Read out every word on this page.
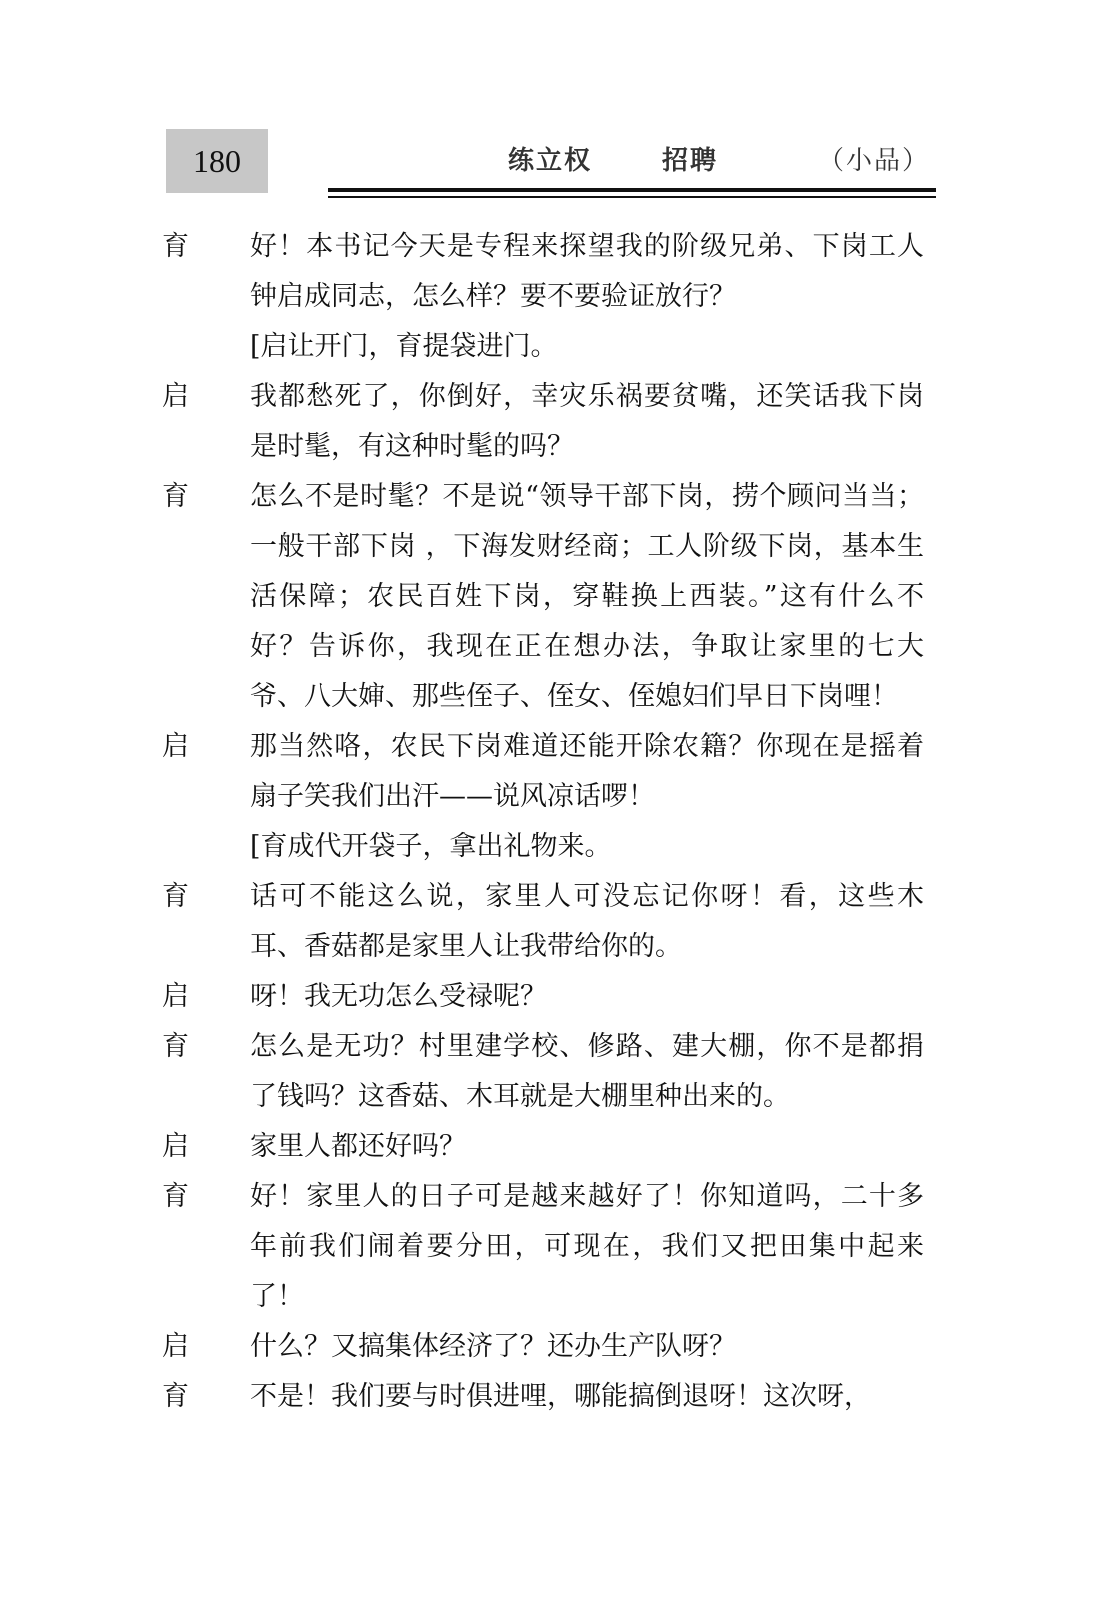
180	练立权	招聘	（小品）
育	好！本书记今天是专程来探望我的阶级兄弟、下岗工人钟启成同志，怎么样？要不要验证放行？
[启让开门，育提袋进门。
启	我都愁死了，你倒好，幸灾乐祸要贫嘴，还笑话我下岗是时髦，有这种时髦的吗？
育	怎么不是时髦？不是说“领导干部下岗，捞个顾问当当；一般干部下岗 ，下海发财经商；工人阶级下岗，基本生活保障；农民百姓下岗，穿鞋换上西装。”这有什么不好？告诉你，我现在正在想办法，争取让家里的七大爷、八大婶、那些侄子、侄女、侄媳妇们早日下岗哩！
启	那当然咯，农民下岗难道还能开除农籍？你现在是摇着扇子笑我们出汗——说风凉话啰！
[育成代开袋子，拿出礼物来。
育	话可不能这么说，家里人可没忘记你呀！看，这些木耳、香菇都是家里人让我带给你的。
启	呀！我无功怎么受禄呢？
育	怎么是无功？村里建学校、修路、建大棚，你不是都捐了钱吗？这香菇、木耳就是大棚里种出来的。
启	家里人都还好吗？
育	好！家里人的日子可是越来越好了！你知道吗，二十多年前我们闹着要分田，可现在，我们又把田集中起来了！
启	什么？又搞集体经济了？还办生产队呀？
育	不是！我们要与时俱进哩，哪能搞倒退呀！这次呀，
